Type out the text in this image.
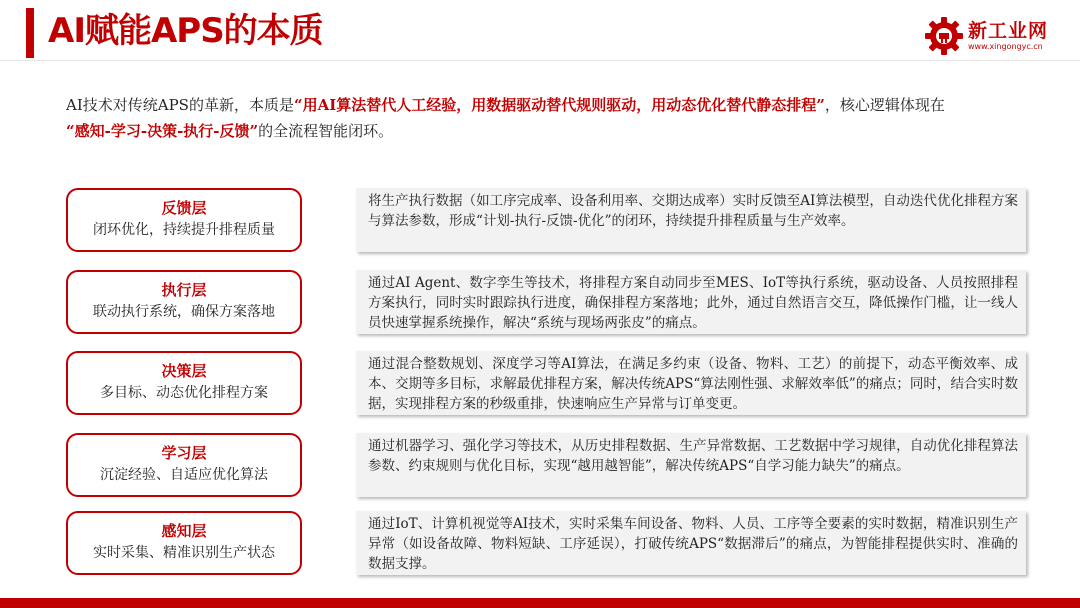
AI赋能APS的本质	新工业网
www.xingongyc.cn

AI技术对传统APS的革新，本质是“用AI算法替代人工经验，用数据驱动替代规则驱动，用动态优化替代静态排程”，核心逻辑体现在
“感知-学习-决策-执行-反馈”的全流程智能闭环。

反馈层
闭环优化，持续提升排程质量
将生产执行数据（如工序完成率、设备利用率、交期达成率）实时反馈至AI算法模型，自动迭代优化排程方案与算法参数，形成“计划-执行-反馈-优化”的闭环，持续提升排程质量与生产效率。
执行层
联动执行系统，确保方案落地
通过AI Agent、数字孪生等技术，将排程方案自动同步至MES、IoT等执行系统，驱动设备、人员按照排程方案执行，同时实时跟踪执行进度，确保排程方案落地；此外，通过自然语言交互，降低操作门槛，让一线人员快速掌握系统操作，解决“系统与现场两张皮”的痛点。
决策层
多目标、动态优化排程方案
通过混合整数规划、深度学习等AI算法，在满足多约束（设备、物料、工艺）的前提下，动态平衡效率、成本、交期等多目标，求解最优排程方案，解决传统APS“算法刚性强、求解效率低”的痛点；同时，结合实时数据，实现排程方案的秒级重排，快速响应生产异常与订单变更。
学习层
沉淀经验、自适应优化算法
通过机器学习、强化学习等技术，从历史排程数据、生产异常数据、工艺数据中学习规律，自动优化排程算法参数、约束规则与优化目标，实现“越用越智能”，解决传统APS“自学习能力缺失”的痛点。
感知层
实时采集、精准识别生产状态
通过IoT、计算机视觉等AI技术，实时采集车间设备、物料、人员、工序等全要素的实时数据，精准识别生产异常（如设备故障、物料短缺、工序延误），打破传统APS“数据滞后”的痛点，为智能排程提供实时、准确的数据支撑。
